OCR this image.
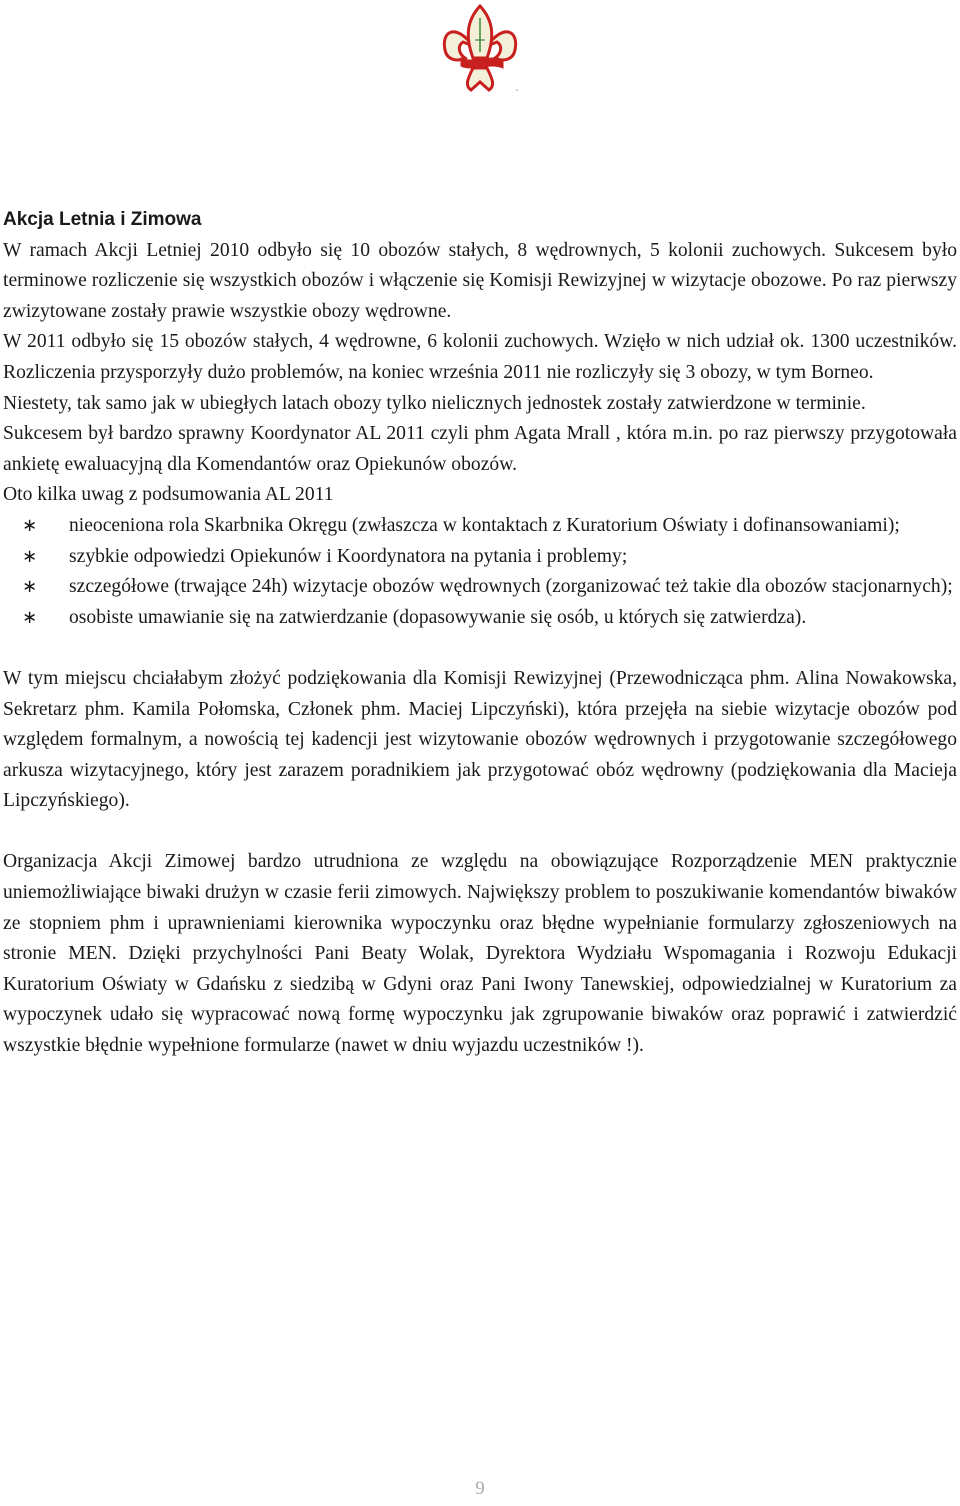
Akcja Letnia i Zimowa

W ramach Akcji Letniej 2010 odbyło się 10 obozów stałych, 8 wędrownych, 5 kolonii zuchowych. Sukcesem było terminowe rozliczenie się wszystkich obozów i włączenie się Komisji Rewizyjnej w wizytacje obozowe. Po raz pierwszy zwizytowane zostały prawie wszystkie obozy wędrowne.

W 2011 odbyło się 15 obozów stałych, 4 wędrowne, 6 kolonii zuchowych. Wzięło w nich udział ok. 1300 uczestników. Rozliczenia przysporzyły dużo problemów, na koniec września 2011 nie rozliczyły się 3 obozy, w tym Borneo.

Niestety, tak samo jak w ubiegłych latach obozy tylko nielicznych jednostek zostały zatwierdzone w terminie.

Sukcesem był bardzo sprawny Koordynator AL 2011 czyli phm Agata Mrall , która m.in. po raz pierwszy przygotowała ankietę ewaluacyjną dla Komendantów oraz Opiekunów obozów.

Oto kilka uwag z podsumowania AL 2011

∗ nieoceniona rola Skarbnika Okręgu (zwłaszcza w kontaktach z Kuratorium Oświaty i dofinansowaniami);
∗ szybkie odpowiedzi Opiekunów i Koordynatora na pytania i problemy;
∗ szczegółowe (trwające 24h) wizytacje obozów wędrownych (zorganizować też takie dla obozów stacjonarnych);
∗ osobiste umawianie się na zatwierdzanie (dopasowywanie się osób, u których się zatwierdza).

W tym miejscu chciałabym złożyć podziękowania dla Komisji Rewizyjnej (Przewodnicząca phm. Alina Nowakowska, Sekretarz phm. Kamila Połomska, Członek phm. Maciej Lipczyński), która przejęła na siebie wizytacje obozów pod względem formalnym, a nowością tej kadencji jest wizytowanie obozów wędrownych i przygotowanie szczegółowego arkusza wizytacyjnego, który jest zarazem poradnikiem jak przygotować obóz wędrowny (podziękowania dla Macieja Lipczyńskiego).

Organizacja Akcji Zimowej bardzo utrudniona ze względu na obowiązujące Rozporządzenie MEN praktycznie uniemożliwiające biwaki drużyn w czasie ferii zimowych. Największy problem to poszukiwanie komendantów biwaków ze stopniem phm i uprawnieniami kierownika wypoczynku oraz błędne wypełnianie formularzy zgłoszeniowych na stronie MEN. Dzięki przychylności Pani Beaty Wolak, Dyrektora Wydziału Wspomagania i Rozwoju Edukacji Kuratorium Oświaty w Gdańsku z siedzibą w Gdyni oraz Pani Iwony Tanewskiej, odpowiedzialnej w Kuratorium za wypoczynek udało się wypracować nową formę wypoczynku jak zgrupowanie biwaków oraz poprawić i zatwierdzić wszystkie błędnie wypełnione formularze (nawet w dniu wyjazdu uczestników !).

9
